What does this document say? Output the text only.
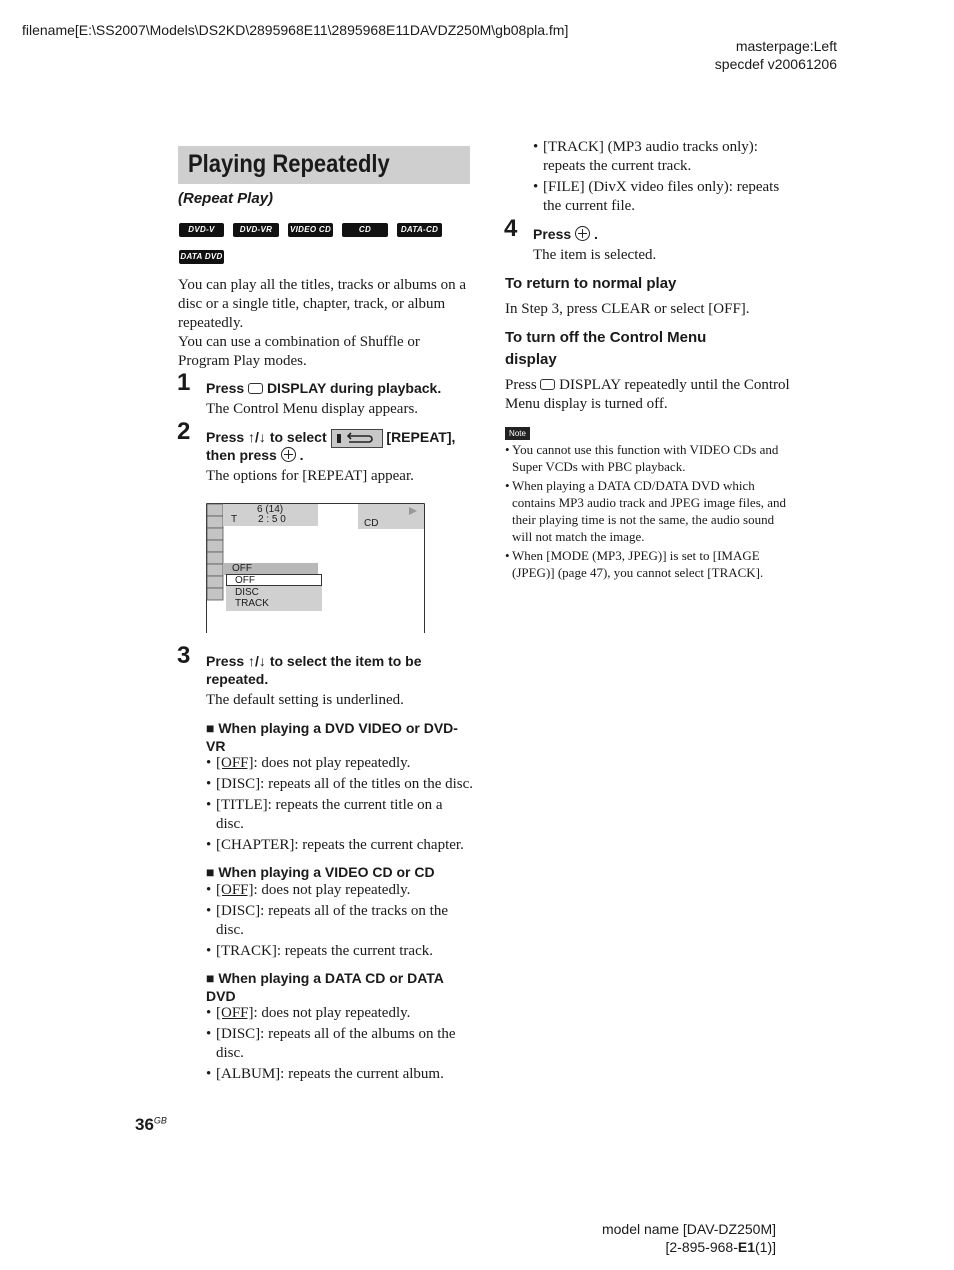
filename[E:\SS2007\Models\DS2KD\2895968E11\2895968E11DAVDZ250M\gb08pla.fm]
masterpage:Left
specdef v20061206
Playing Repeatedly
(Repeat Play)
DVD-V	DVD-VR	VIDEO CD	CD	DATA-CD
DATA DVD
You can play all the titles, tracks or albums on a disc or a single title, chapter, track, or album repeatedly.
You can use a combination of Shuffle or Program Play modes.
1 Press DISPLAY during playback.
The Control Menu display appears.
2 Press ↑/↓ to select	[REPEAT],
then press .
The options for [REPEAT] appear.
6 (14)
T 2 : 5 0	CD
OFF
OFF
DISC
TRACK
3 Press ↑/↓ to select the item to be
repeated.
The default setting is underlined.
■ When playing a DVD VIDEO or DVD-
VR
• [OFF]: does not play repeatedly.
• [DISC]: repeats all of the titles on the disc.
• [TITLE]: repeats the current title on a
disc.
• [CHAPTER]: repeats the current chapter.
■ When playing a VIDEO CD or CD
• [OFF]: does not play repeatedly.
• [DISC]: repeats all of the tracks on the
disc.
• [TRACK]: repeats the current track.
■ When playing a DATA CD or DATA
DVD
• [OFF]: does not play repeatedly.
• [DISC]: repeats all of the albums on the
disc.
• [ALBUM]: repeats the current album.
• [TRACK] (MP3 audio tracks only):
repeats the current track.
• [FILE] (DivX video files only): repeats
the current file.
4 Press .
The item is selected.
To return to normal play
In Step 3, press CLEAR or select [OFF].
To turn off the Control Menu
display
Press DISPLAY repeatedly until the Control
Menu display is turned off.
Note
• You cannot use this function with VIDEO CDs and
Super VCDs with PBC playback.
• When playing a DATA CD/DATA DVD which
contains MP3 audio track and JPEG image files, and
their playing time is not the same, the audio sound
will not match the image.
• When [MODE (MP3, JPEG)] is set to [IMAGE
(JPEG)] (page 47), you cannot select [TRACK].
$36^{GB}$
model name [DAV-DZ250M]
[2-895-968-E1(1)]
